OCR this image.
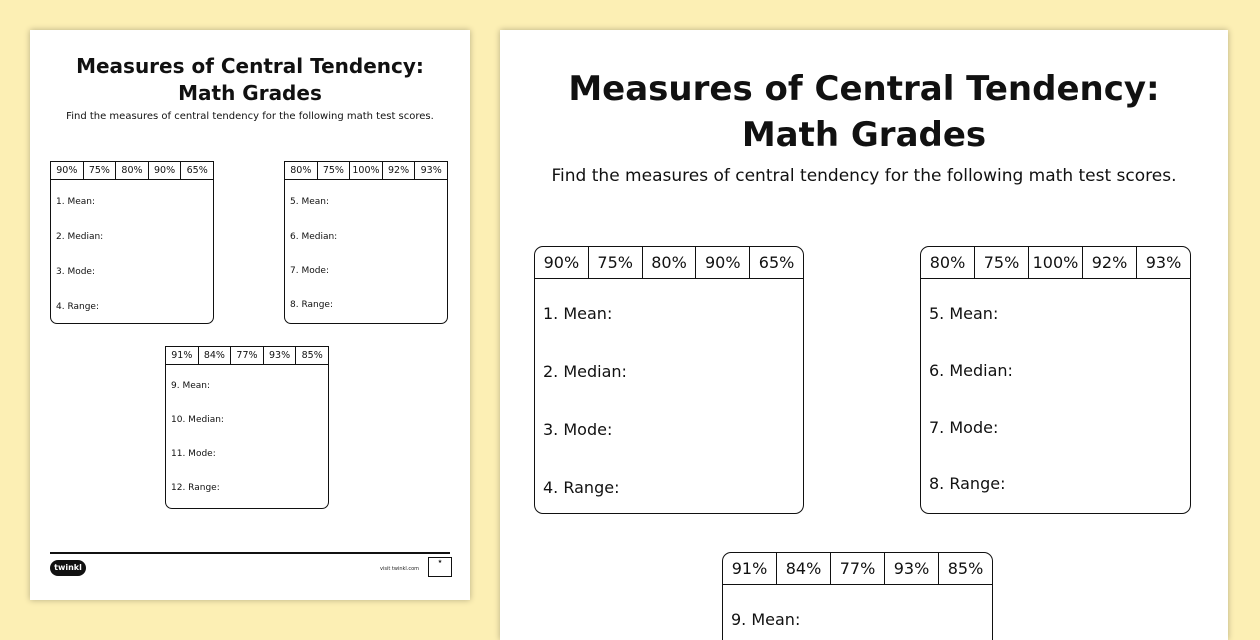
Measures of Central Tendency:
Math Grades
Find the measures of central tendency for the following math test scores.
90%	75%	80%	90%	65%
1. Mean:
2. Median:
3. Mode:
4. Range:
80%	75% 100% 92%	93%
5. Mean:
6. Median:
7. Mode:
8. Range:
91%	84%	77%	93%	85%
9. Mean:
10. Median:
11. Mode:
12. Range:
twinkl	visit twinkl.com
★
Measures of Central Tendency:
Math Grades
Find the measures of central tendency for the following math test scores.
90%	75%	80%	90%	65%
1. Mean:
2. Median:
3. Mode:
4. Range:
80%	75% 100% 92%	93%
5. Mean:
6. Median:
7. Mode:
8. Range:
91%	84%	77%	93%	85%
9. Mean:
